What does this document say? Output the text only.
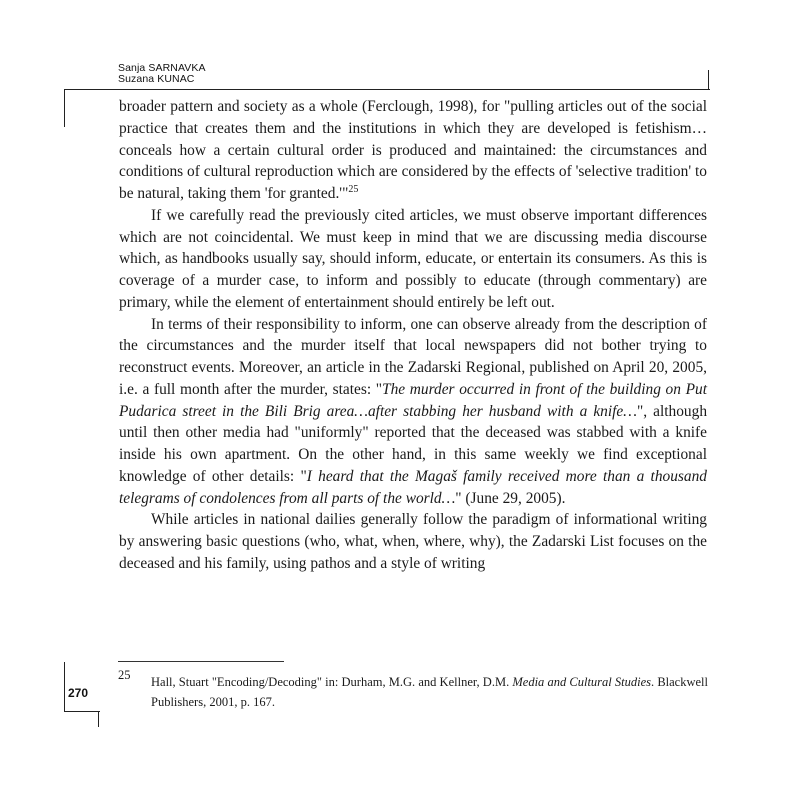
Sanja SARNAVKA
Suzana KUNAC

broader pattern and society as a whole (Ferclough, 1998), for "pulling articles out of the social practice that creates them and the institutions in which they are developed is fetishism…conceals how a certain cultural order is produced and maintained: the circumstances and conditions of cultural reproduction which are considered by the effects of 'selective tradition' to be natural, taking them 'for granted.'"$^{25}$

If we carefully read the previously cited articles, we must observe important differences which are not coincidental. We must keep in mind that we are discussing media discourse which, as handbooks usually say, should inform, educate, or entertain its consumers. As this is coverage of a murder case, to inform and possibly to educate (through commentary) are primary, while the element of entertainment should entirely be left out.

In terms of their responsibility to inform, one can observe already from the description of the circumstances and the murder itself that local newspapers did not bother trying to reconstruct events. Moreover, an article in the Zadarski Regional, published on April 20, 2005, i.e. a full month after the murder, states: "The murder occurred in front of the building on Put Pudarica street in the Bili Brig area…after stabbing her husband with a knife…", although until then other media had "uniformly" reported that the deceased was stabbed with a knife inside his own apartment. On the other hand, in this same weekly we find exceptional knowledge of other details: "I heard that the Magaš family received more than a thousand telegrams of condolences from all parts of the world…" (June 29, 2005).

While articles in national dailies generally follow the paradigm of informational writing by answering basic questions (who, what, when, where, why), the Zadarski List focuses on the deceased and his family, using pathos and a style of writing

25 Hall, Stuart "Encoding/Decoding" in: Durham, M.G. and Kellner, D.M. Media and Cultural Studies. Blackwell Publishers, 2001, p. 167.
270
